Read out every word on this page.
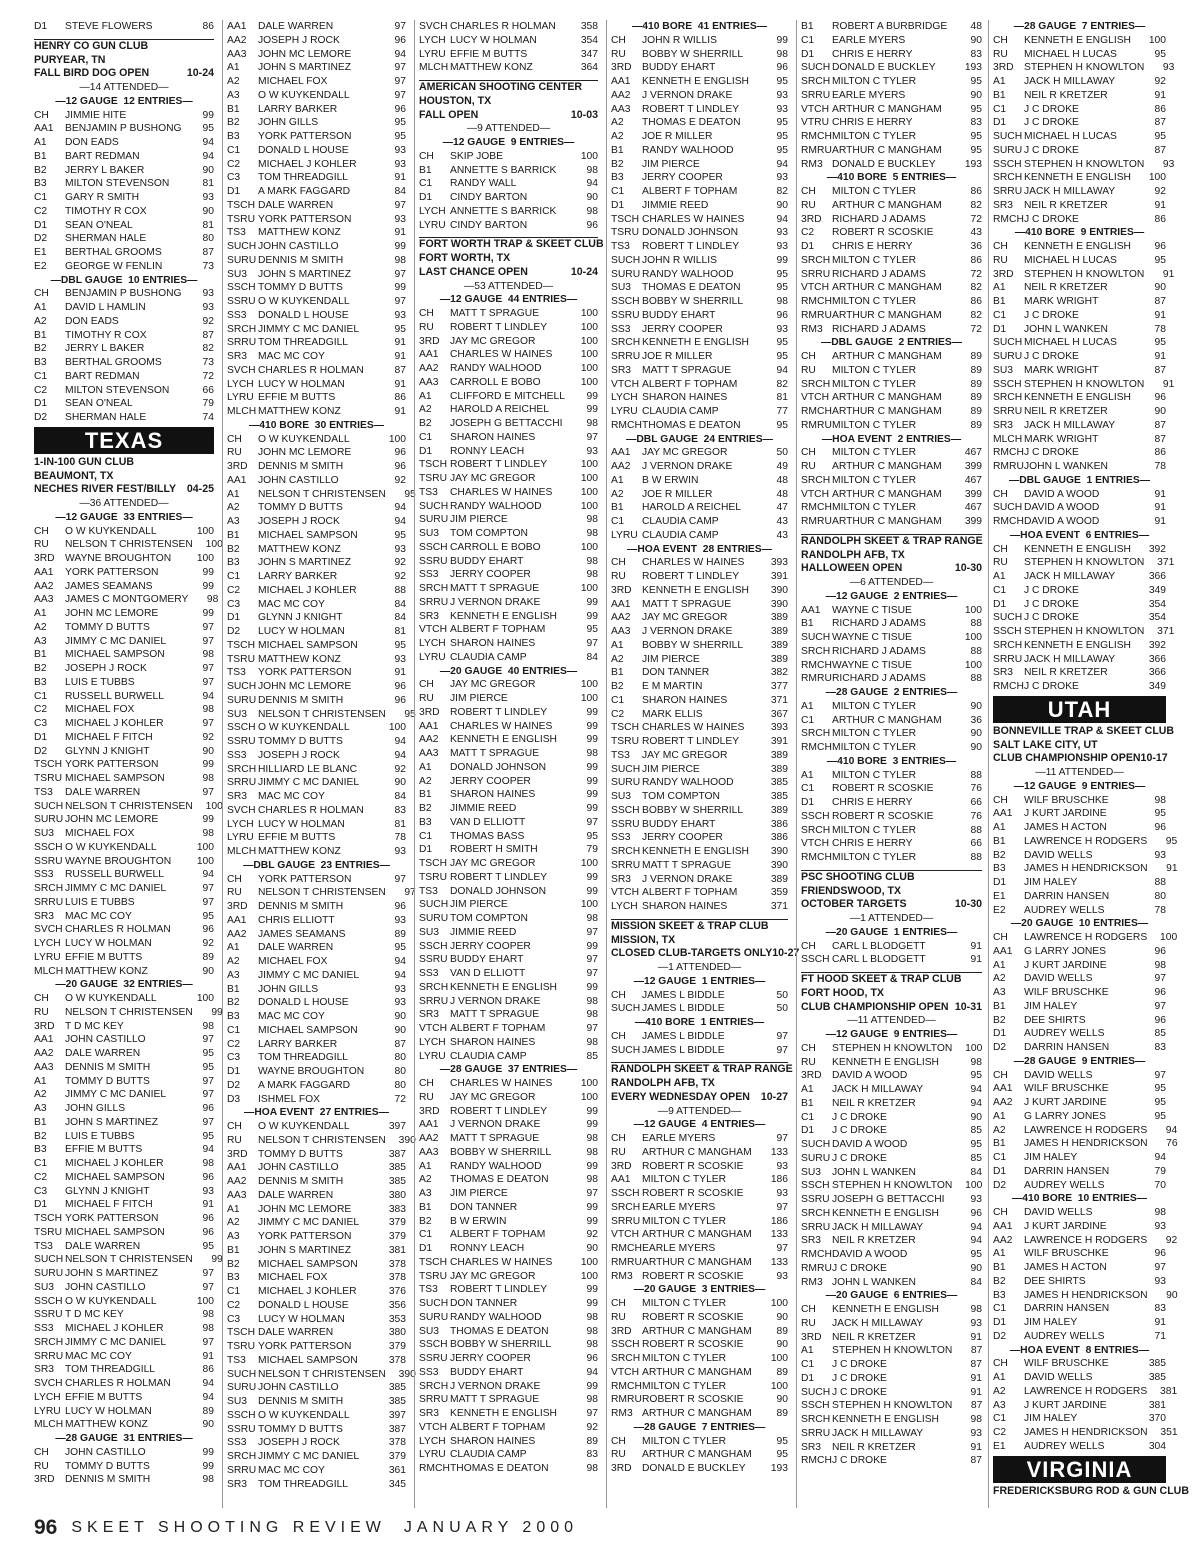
D1	STEVE FLOWERS	86
HENRY CO GUN CLUB
PURYEAR, TN
FALL BIRD DOG OPEN	10-24
— 14 ATTENDED —
— 12 GAUGE  12 ENTRIES —
CH	JIMMIE HITE	99
AA1	BENJAMIN P BUSHONG	95
A1	DON EADS	94
B1	BART REDMAN	94
B2	JERRY L BAKER	90
B3	MILTON STEVENSON	81
C1	GARY R SMITH	93
C2	TIMOTHY R COX	90
D1	SEAN O'NEAL	81
D2	SHERMAN HALE	80
E1	BERTHAL GROOMS	87
E2	GEORGE W FENLIN	73
— DBL GAUGE  10 ENTRIES —
CH	BENJAMIN P BUSHONG	93
A1	DAVID L HAMLIN	93
A2	DON EADS	92
B1	TIMOTHY R COX	87
B2	JERRY L BAKER	82
B3	BERTHAL GROOMS	73
C1	BART REDMAN	72
C2	MILTON STEVENSON	66
D1	SEAN O'NEAL	79
D2	SHERMAN HALE	74
TEXAS
1-IN-100 GUN CLUB
BEAUMONT, TX
NECHES RIVER FEST/BILLY 04-25
— 36 ATTENDED —
— 12 GAUGE  33 ENTRIES —
CH	O W KUYKENDALL	100
RU	NELSON T CHRISTENSEN	100
3RD	WAYNE BROUGHTON	100
AA1	YORK PATTERSON	99
AA2	JAMES SEAMANS	99
AA3	JAMES C MONTGOMERY	98
A1	JOHN MC LEMORE	99
A2	TOMMY D BUTTS	97
A3	JIMMY C MC DANIEL	97
B1	MICHAEL SAMPSON	98
B2	JOSEPH J ROCK	97
B3	LUIS E TUBBS	97
C1	RUSSELL BURWELL	94
C2	MICHAEL FOX	98
C3	MICHAEL J KOHLER	97
D1	MICHAEL F FITCH	92
D2	GLYNN J KNIGHT	90
TSCH YORK PATTERSON	99
TSRU MICHAEL SAMPSON	98
TS3	DALE WARREN	97
SUCH NELSON T CHRISTENSEN	100
SURU JOHN MC LEMORE	99
SU3	MICHAEL FOX	98
SSCH O W KUYKENDALL	100
SSRU WAYNE BROUGHTON	100
SS3	RUSSELL BURWELL	94
SRCH JIMMY C MC DANIEL	97
SRRU LUIS E TUBBS	97
SR3	MAC MC COY	95
SVCH CHARLES R HOLMAN	96
LYCH LUCY W HOLMAN	92
LYRU EFFIE M BUTTS	89
MLCH MATTHEW KONZ	90
— 20 GAUGE  32 ENTRIES —
CH	O W KUYKENDALL	100
RU	NELSON T CHRISTENSEN	99
3RD	T D MC KEY	98
AA1	JOHN CASTILLO	97
AA2	DALE WARREN	95
AA3	DENNIS M SMITH	95
A1	TOMMY D BUTTS	97
A2	JIMMY C MC DANIEL	97
A3	JOHN GILLS	96
B1	JOHN S MARTINEZ	97
B2	LUIS E TUBBS	95
B3	EFFIE M BUTTS	94
C1	MICHAEL J KOHLER	98
C2	MICHAEL SAMPSON	96
C3	GLYNN J KNIGHT	93
D1	MICHAEL F FITCH	91
TSCH YORK PATTERSON	96
TSRU MICHAEL SAMPSON	96
TS3	DALE WARREN	95
SUCH NELSON T CHRISTENSEN	99
SURU JOHN S MARTINEZ	97
SU3	JOHN CASTILLO	97
SSCH O W KUYKENDALL	100
SSRU T D MC KEY	98
SS3	MICHAEL J KOHLER	98
SRCH JIMMY C MC DANIEL	97
SRRU MAC MC COY	91
SR3	TOM THREADGILL	86
SVCH CHARLES R HOLMAN	94
LYCH EFFIE M BUTTS	94
LYRU LUCY W HOLMAN	89
MLCH MATTHEW KONZ	90
— 28 GAUGE  31 ENTRIES —
CH	JOHN CASTILLO	99
RU	TOMMY D BUTTS	99
3RD	DENNIS M SMITH	98
AA1	DALE WARREN	97
AA2	JOSEPH J ROCK	96
AA3	JOHN MC LEMORE	94
A1	JOHN S MARTINEZ	97
A2	MICHAEL FOX	97
A3	O W KUYKENDALL	97
B1	LARRY BARKER	96
B2	JOHN GILLS	95
B3	YORK PATTERSON	95
C1	DONALD L HOUSE	93
C2	MICHAEL J KOHLER	93
C3	TOM THREADGILL	91
D1	A MARK FAGGARD	84
TSCH DALE WARREN	97
TSRU YORK PATTERSON	93
TS3	MATTHEW KONZ	91
SUCH JOHN CASTILLO	99
SURU DENNIS M SMITH	98
SU3	JOHN S MARTINEZ	97
SSCH TOMMY D BUTTS	99
SSRU O W KUYKENDALL	97
SS3	DONALD L HOUSE	93
SRCH JIMMY C MC DANIEL	95
SRRU TOM THREADGILL	91
SR3	MAC MC COY	91
SVCH CHARLES R HOLMAN	87
LYCH LUCY W HOLMAN	91
LYRU EFFIE M BUTTS	86
MLCH MATTHEW KONZ	91
— 410 BORE  30 ENTRIES —
CH	O W KUYKENDALL	100
RU	JOHN MC LEMORE	96
3RD	DENNIS M SMITH	96
AA1	JOHN CASTILLO	92
A1	NELSON T CHRISTENSEN	95
A2	TOMMY D BUTTS	94
A3	JOSEPH J ROCK	94
B1	MICHAEL SAMPSON	95
B2	MATTHEW KONZ	93
B3	JOHN S MARTINEZ	92
C1	LARRY BARKER	92
C2	MICHAEL J KOHLER	88
C3	MAC MC COY	84
D1	GLYNN J KNIGHT	84
D2	LUCY W HOLMAN	81
TSCH MICHAEL SAMPSON	95
TSRU MATTHEW KONZ	93
TS3	YORK PATTERSON	91
SUCH JOHN MC LEMORE	96
SURU DENNIS M SMITH	96
SU3	NELSON T CHRISTENSEN	95
SSCH O W KUYKENDALL	100
SSRU TOMMY D BUTTS	94
SS3	JOSEPH J ROCK	94
SRCH HILLIARD LE BLANC	92
SRRU JIMMY C MC DANIEL	90
SR3	MAC MC COY	84
SVCH CHARLES R HOLMAN	83
LYCH LUCY W HOLMAN	81
LYRU EFFIE M BUTTS	78
MLCH MATTHEW KONZ	93
— DBL GAUGE  23 ENTRIES —
CH	YORK PATTERSON	97
RU	NELSON T CHRISTENSEN	97
3RD	DENNIS M SMITH	96
AA1	CHRIS ELLIOTT	93
AA2	JAMES SEAMANS	89
A1	DALE WARREN	95
A2	MICHAEL FOX	94
A3	JIMMY C MC DANIEL	94
B1	JOHN GILLS	93
B2	DONALD L HOUSE	93
B3	MAC MC COY	90
C1	MICHAEL SAMPSON	90
C2	LARRY BARKER	87
C3	TOM THREADGILL	80
D1	WAYNE BROUGHTON	80
D2	A MARK FAGGARD	80
D3	ISHMEL FOX	72
— HOA EVENT  27 ENTRIES —
CH	O W KUYKENDALL	397
RU	NELSON T CHRISTENSEN	390
3RD	TOMMY D BUTTS	387
AA1	JOHN CASTILLO	385
AA2	DENNIS M SMITH	385
AA3	DALE WARREN	380
A1	JOHN MC LEMORE	383
A2	JIMMY C MC DANIEL	379
A3	YORK PATTERSON	379
B1	JOHN S MARTINEZ	381
B2	MICHAEL SAMPSON	378
B3	MICHAEL FOX	378
C1	MICHAEL J KOHLER	376
C2	DONALD L HOUSE	356
C3	LUCY W HOLMAN	353
TSCH DALE WARREN	380
TSRU YORK PATTERSON	379
TS3	MICHAEL SAMPSON	378
SUCH NELSON T CHRISTENSEN	390
SURU JOHN CASTILLO	385
SU3	DENNIS M SMITH	385
SSCH O W KUYKENDALL	397
SSRU TOMMY D BUTTS	387
SS3	JOSEPH J ROCK	378
SRCH JIMMY C MC DANIEL	379
SRRU MAC MC COY	361
SR3	TOM THREADGILL	345
SVCH CHARLES R HOLMAN	358
LYCH LUCY W HOLMAN	354
LYRU EFFIE M BUTTS	347
MLCH MATTHEW KONZ	364
AMERICAN SHOOTING CENTER
HOUSTON, TX
FALL OPEN	10-03
— 9 ATTENDED —
— 12 GAUGE  9 ENTRIES —
CH	SKIP JOBE	100
B1	ANNETTE S BARRICK	98
C1	RANDY WALL	94
D1	CINDY BARTON	90
LYCH ANNETTE S BARRICK	98
LYRU CINDY BARTON	96
FORT WORTH TRAP & SKEET CLUB
FORT WORTH, TX
LAST CHANCE OPEN	10-24
— 53 ATTENDED —
— 12 GAUGE  44 ENTRIES —
CH	MATT T SPRAGUE	100
RU	ROBERT T LINDLEY	100
3RD	JAY MC GREGOR	100
AA1	CHARLES W HAINES	100
AA2	RANDY WALHOOD	100
AA3	CARROLL E BOBO	100
A1	CLIFFORD E MITCHELL	99
A2	HAROLD A REICHEL	99
B2	JOSEPH G BETTACCHI	98
C1	SHARON HAINES	97
D1	RONNY LEACH	93
TSCH ROBERT T LINDLEY	100
TSRU JAY MC GREGOR	100
TS3	CHARLES W HAINES	100
SUCH RANDY WALHOOD	100
SURU JIM PIERCE	98
SU3	TOM COMPTON	98
SSCH CARROLL E BOBO	100
SSRU BUDDY EHART	98
SS3	JERRY COOPER	98
SRCH MATT T SPRAGUE	100
SRRU J VERNON DRAKE	99
SR3	KENNETH E ENGLISH	99
VTCH ALBERT F TOPHAM	95
LYCH SHARON HAINES	97
LYRU CLAUDIA CAMP	84
— 20 GAUGE  40 ENTRIES —
CH	JAY MC GREGOR	100
RU	JIM PIERCE	100
3RD	ROBERT T LINDLEY	99
AA1	CHARLES W HAINES	99
AA2	KENNETH E ENGLISH	99
AA3	MATT T SPRAGUE	98
A1	DONALD JOHNSON	99
A2	JERRY COOPER	99
B1	SHARON HAINES	99
B2	JIMMIE REED	99
B3	VAN D ELLIOTT	97
C1	THOMAS BASS	95
D1	ROBERT H SMITH	79
TSCH JAY MC GREGOR	100
TSRU ROBERT T LINDLEY	99
TS3	DONALD JOHNSON	99
SUCH JIM PIERCE	100
SURU TOM COMPTON	98
SU3	JIMMIE REED	97
SSCH JERRY COOPER	99
SSRU BUDDY EHART	97
SS3	VAN D ELLIOTT	97
SRCH KENNETH E ENGLISH	99
SRRU J VERNON DRAKE	98
SR3	MATT T SPRAGUE	98
VTCH ALBERT F TOPHAM	97
LYCH SHARON HAINES	98
LYRU CLAUDIA CAMP	85
— 28 GAUGE  37 ENTRIES —
CH	CHARLES W HAINES	100
RU	JAY MC GREGOR	100
3RD	ROBERT T LINDLEY	99
AA1	J VERNON DRAKE	99
AA2	MATT T SPRAGUE	98
AA3	BOBBY W SHERRILL	98
A1	RANDY WALHOOD	99
A2	THOMAS E DEATON	98
A3	JIM PIERCE	97
B1	DON TANNER	99
B2	B W ERWIN	99
C1	ALBERT F TOPHAM	92
D1	RONNY LEACH	90
TSCH CHARLES W HAINES	100
TSRU JAY MC GREGOR	100
TS3	ROBERT T LINDLEY	99
SUCH DON TANNER	99
SURU RANDY WALHOOD	98
SU3	THOMAS E DEATON	98
SSCH BOBBY W SHERRILL	98
SSRU JERRY COOPER	96
SS3	BUDDY EHART	94
SRCH J VERNON DRAKE	99
SRRU MATT T SPRAGUE	98
SR3	KENNETH E ENGLISH	97
VTCH ALBERT F TOPHAM	92
LYCH SHARON HAINES	89
LYRU CLAUDIA CAMP	83
RMCH THOMAS E DEATON	98
— 410 BORE  41 ENTRIES —
CH	JOHN R WILLIS	99
RU	BOBBY W SHERRILL	98
3RD	BUDDY EHART	96
AA1	KENNETH E ENGLISH	95
AA2	J VERNON DRAKE	93
AA3	ROBERT T LINDLEY	93
A2	THOMAS E DEATON	95
A2	JOE R MILLER	95
B1	RANDY WALHOOD	95
B2	JIM PIERCE	94
B3	JERRY COOPER	93
C1	ALBERT F TOPHAM	82
D1	JIMMIE REED	90
TSCH CHARLES W HAINES	94
TSRU DONALD JOHNSON	93
TS3	ROBERT T LINDLEY	93
SUCH JOHN R WILLIS	99
SURU RANDY WALHOOD	95
SU3	THOMAS E DEATON	95
SSCH BOBBY W SHERRILL	98
SSRU BUDDY EHART	96
SS3	JERRY COOPER	93
SRCH KENNETH E ENGLISH	95
SRRU JOE R MILLER	95
SR3	MATT T SPRAGUE	94
VTCH ALBERT F TOPHAM	82
LYCH SHARON HAINES	81
LYRU CLAUDIA CAMP	77
RMCH THOMAS E DEATON	95
— DBL GAUGE  24 ENTRIES —
AA1	JAY MC GREGOR	50
AA2	J VERNON DRAKE	49
A1	B W ERWIN	48
A2	JOE R MILLER	48
B1	HAROLD A REICHEL	47
C1	CLAUDIA CAMP	43
LYRU CLAUDIA CAMP	43
— HOA EVENT  28 ENTRIES —
CH	CHARLES W HAINES	393
RU	ROBERT T LINDLEY	391
3RD	KENNETH E ENGLISH	390
AA1	MATT T SPRAGUE	390
AA2	JAY MC GREGOR	389
AA3	J VERNON DRAKE	389
A1	BOBBY W SHERRILL	389
A2	JIM PIERCE	389
B1	DON TANNER	382
B2	E M MARTIN	377
C1	SHARON HAINES	371
C2	MARK ELLIS	367
TSCH CHARLES W HAINES	393
TSRU ROBERT T LINDLEY	391
TS3	JAY MC GREGOR	389
SUCH JIM PIERCE	389
SURU RANDY WALHOOD	385
SU3	TOM COMPTON	385
SSCH BOBBY W SHERRILL	389
SSRU BUDDY EHART	386
SS3	JERRY COOPER	386
SRCH KENNETH E ENGLISH	390
SRRU MATT T SPRAGUE	390
SR3	J VERNON DRAKE	389
VTCH ALBERT F TOPHAM	359
LYCH SHARON HAINES	371
MISSION SKEET & TRAP CLUB
MISSION, TX
CLOSED CLUB-TARGETS ONLY 10-27
— 1 ATTENDED —
— 12 GAUGE  1 ENTRIES —
CH	JAMES L BIDDLE	50
SUCH JAMES L BIDDLE	50
— 410 BORE  1 ENTRIES —
CH	JAMES L BIDDLE	97
SUCH JAMES L BIDDLE	97
RANDOLPH SKEET & TRAP RANGE
RANDOLPH AFB, TX
EVERY WEDNESDAY OPEN 10-27
— 9 ATTENDED —
— 12 GAUGE  4 ENTRIES —
CH	EARLE MYERS	97
RU	ARTHUR C MANGHAM	133
3RD	ROBERT R SCOSKIE	93
AA1	MILTON C TYLER	186
SSCH ROBERT R SCOSKIE	93
SRCH EARLE MYERS	97
SRRU MILTON C TYLER	186
VTCH ARTHUR C MANGHAM	133
RMCH EARLE MYERS	97
RMRU ARTHUR C MANGHAM	133
RM3 ROBERT R SCOSKIE	93
— 20 GAUGE  3 ENTRIES —
CH	MILTON C TYLER	100
RU	ROBERT R SCOSKIE	90
3RD	ARTHUR C MANGHAM	89
SSCH ROBERT R SCOSKIE	90
SRCH MILTON C TYLER	100
VTCH ARTHUR C MANGHAM	89
RMCH MILTON C TYLER	100
RMRU ROBERT R SCOSKIE	90
RM3 ARTHUR C MANGHAM	89
— 28 GAUGE  7 ENTRIES —
CH	MILTON C TYLER	95
RU	ARTHUR C MANGHAM	95
3RD	DONALD E BUCKLEY	193
B1	ROBERT A BURBRIDGE	48
C1	EARLE MYERS	90
D1	CHRIS E HERRY	83
SUCH DONALD E BUCKLEY	193
SRCH MILTON C TYLER	95
SRRU EARLE MYERS	90
VTCH ARTHUR C MANGHAM	95
VTRU CHRIS E HERRY	83
RMCH MILTON C TYLER	95
RMRU ARTHUR C MANGHAM	95
RM3 DONALD E BUCKLEY	193
— 410 BORE  5 ENTRIES —
CH	MILTON C TYLER	86
RU	ARTHUR C MANGHAM	82
3RD	RICHARD J ADAMS	72
C2	ROBERT R SCOSKIE	43
D1	CHRIS E HERRY	36
SRCH MILTON C TYLER	86
SRRU RICHARD J ADAMS	72
VTCH ARTHUR C MANGHAM	82
RMCH MILTON C TYLER	86
RMRU ARTHUR C MANGHAM	82
RM3 RICHARD J ADAMS	72
— DBL GAUGE  2 ENTRIES —
CH	ARTHUR C MANGHAM	89
RU	MILTON C TYLER	89
SRCH MILTON C TYLER	89
VTCH ARTHUR C MANGHAM	89
RMCH ARTHUR C MANGHAM	89
RMRU MILTON C TYLER	89
— HOA EVENT  2 ENTRIES —
CH	MILTON C TYLER	467
RU	ARTHUR C MANGHAM	399
SRCH MILTON C TYLER	467
VTCH ARTHUR C MANGHAM	399
RMCH MILTON C TYLER	467
RMRU ARTHUR C MANGHAM	399
RANDOLPH SKEET & TRAP RANGE
RANDOLPH AFB, TX
HALLOWEEN OPEN	10-30
— 6 ATTENDED —
— 12 GAUGE  2 ENTRIES —
AA1	WAYNE C TISUE	100
B1	RICHARD J ADAMS	88
SUCH WAYNE C TISUE	100
SRCH RICHARD J ADAMS	88
RMCH WAYNE C TISUE	100
RMRU RICHARD J ADAMS	88
— 28 GAUGE  2 ENTRIES —
A1	MILTON C TYLER	90
C1	ARTHUR C MANGHAM	36
SRCH MILTON C TYLER	90
RMCH MILTON C TYLER	90
— 410 BORE  3 ENTRIES —
A1	MILTON C TYLER	88
C1	ROBERT R SCOSKIE	76
D1	CHRIS E HERRY	66
SSCH ROBERT R SCOSKIE	76
SRCH MILTON C TYLER	88
VTCH CHRIS E HERRY	66
RMCH MILTON C TYLER	88
PSC SHOOTING CLUB
FRIENDSWOOD, TX
OCTOBER TARGETS	10-30
— 1 ATTENDED —
— 20 GAUGE  1 ENTRIES —
CH	CARL L BLODGETT	91
SSCH CARL L BLODGETT	91
FT HOOD SKEET & TRAP CLUB
FORT HOOD, TX
CLUB CHAMPIONSHIP OPEN 10-31
— 11 ATTENDED —
— 12 GAUGE  9 ENTRIES —
CH	STEPHEN H KNOWLTON	100
RU	KENNETH E ENGLISH	98
3RD	DAVID A WOOD	95
A1	JACK H MILLAWAY	94
B1	NEIL R KRETZER	94
C1	J C DROKE	90
D1	J C DROKE	85
SUCH DAVID A WOOD	95
SURU J C DROKE	85
SU3	JOHN L WANKEN	84
SSCH STEPHEN H KNOWLTON	100
SSRU JOSEPH G BETTACCHI	93
SRCH KENNETH E ENGLISH	96
SRRU JACK H MILLAWAY	94
SR3	NEIL R KRETZER	94
RMCH DAVID A WOOD	95
RMRU J C DROKE	90
RM3 JOHN L WANKEN	84
— 20 GAUGE  6 ENTRIES —
CH	KENNETH E ENGLISH	98
RU	JACK H MILLAWAY	93
3RD	NEIL R KRETZER	91
A1	STEPHEN H KNOWLTON	87
C1	J C DROKE	87
D1	J C DROKE	91
SUCH J C DROKE	91
SSCH STEPHEN H KNOWLTON	87
SRCH KENNETH E ENGLISH	98
SRRU JACK H MILLAWAY	93
SR3	NEIL R KRETZER	91
RMCH J C DROKE	87
— 28 GAUGE  7 ENTRIES —
CH	KENNETH E ENGLISH	100
RU	MICHAEL H LUCAS	95
3RD	STEPHEN H KNOWLTON	93
A1	JACK H MILLAWAY	92
B1	NEIL R KRETZER	91
C1	J C DROKE	86
D1	J C DROKE	87
SUCH MICHAEL H LUCAS	95
SURU J C DROKE	87
SSCH STEPHEN H KNOWLTON	93
SRCH KENNETH E ENGLISH	100
SRRU JACK H MILLAWAY	92
SR3	NEIL R KRETZER	91
RMCH J C DROKE	86
— 410 BORE  9 ENTRIES —
CH	KENNETH E ENGLISH	96
RU	MICHAEL H LUCAS	95
3RD	STEPHEN H KNOWLTON	91
A1	NEIL R KRETZER	90
B1	MARK WRIGHT	87
C1	J C DROKE	91
D1	JOHN L WANKEN	78
SUCH MICHAEL H LUCAS	95
SURU J C DROKE	91
SU3	MARK WRIGHT	87
SSCH STEPHEN H KNOWLTON	91
SRCH KENNETH E ENGLISH	96
SRRU NEIL R KRETZER	90
SR3	JACK H MILLAWAY	87
MLCH MARK WRIGHT	87
RMCH J C DROKE	86
RMRU JOHN L WANKEN	78
— DBL GAUGE  1 ENTRIES —
CH	DAVID A WOOD	91
SUCH DAVID A WOOD	91
RMCH DAVID A WOOD	91
— HOA EVENT  6 ENTRIES —
CH	KENNETH E ENGLISH	392
RU	STEPHEN H KNOWLTON	371
A1	JACK H MILLAWAY	366
C1	J C DROKE	349
D1	J C DROKE	354
SUCH J C DROKE	354
SSCH STEPHEN H KNOWLTON	371
SRCH KENNETH E ENGLISH	392
SRRU JACK H MILLAWAY	366
SR3	NEIL R KRETZER	366
RMCH J C DROKE	349
UTAH
BONNEVILLE TRAP & SKEET CLUB
SALT LAKE CITY, UT
CLUB CHAMPIONSHIP OPEN 10-17
— 11 ATTENDED —
— 12 GAUGE  9 ENTRIES —
CH	WILF BRUSCHKE	98
AA1	J KURT JARDINE	95
A1	JAMES H ACTON	96
B1	LAWRENCE H RODGERS	95
B2	DAVID WELLS	93
B3	JAMES H HENDRICKSON	91
D1	JIM HALEY	88
E1	DARRIN HANSEN	80
E2	AUDREY WELLS	78
— 20 GAUGE  10 ENTRIES —
CH	LAWRENCE H RODGERS	100
AA1	G LARRY JONES	96
A1	J KURT JARDINE	98
A2	DAVID WELLS	97
A3	WILF BRUSCHKE	96
B1	JIM HALEY	97
B2	DEE SHIRTS	96
D1	AUDREY WELLS	85
D2	DARRIN HANSEN	83
— 28 GAUGE  9 ENTRIES —
CH	DAVID WELLS	97
AA1	WILF BRUSCHKE	95
AA2	J KURT JARDINE	95
A1	G LARRY JONES	95
A2	LAWRENCE H RODGERS	94
B1	JAMES H HENDRICKSON	76
C1	JIM HALEY	94
D1	DARRIN HANSEN	79
D2	AUDREY WELLS	70
— 410 BORE  10 ENTRIES —
CH	DAVID WELLS	98
AA1	J KURT JARDINE	93
AA2	LAWRENCE H RODGERS	92
A1	WILF BRUSCHKE	96
B1	JAMES H ACTON	97
B2	DEE SHIRTS	93
B3	JAMES H HENDRICKSON	90
C1	DARRIN HANSEN	83
D1	JIM HALEY	91
D2	AUDREY WELLS	71
— HOA EVENT  8 ENTRIES —
CH	WILF BRUSCHKE	385
A1	DAVID WELLS	385
A2	LAWRENCE H RODGERS	381
A3	J KURT JARDINE	381
C1	JIM HALEY	370
C2	JAMES H HENDRICKSON	351
E1	AUDREY WELLS	304
VIRGINIA
FREDERICKSBURG ROD & GUN CLUB
96 SKEET SHOOTING REVIEW JANUARY 2000
